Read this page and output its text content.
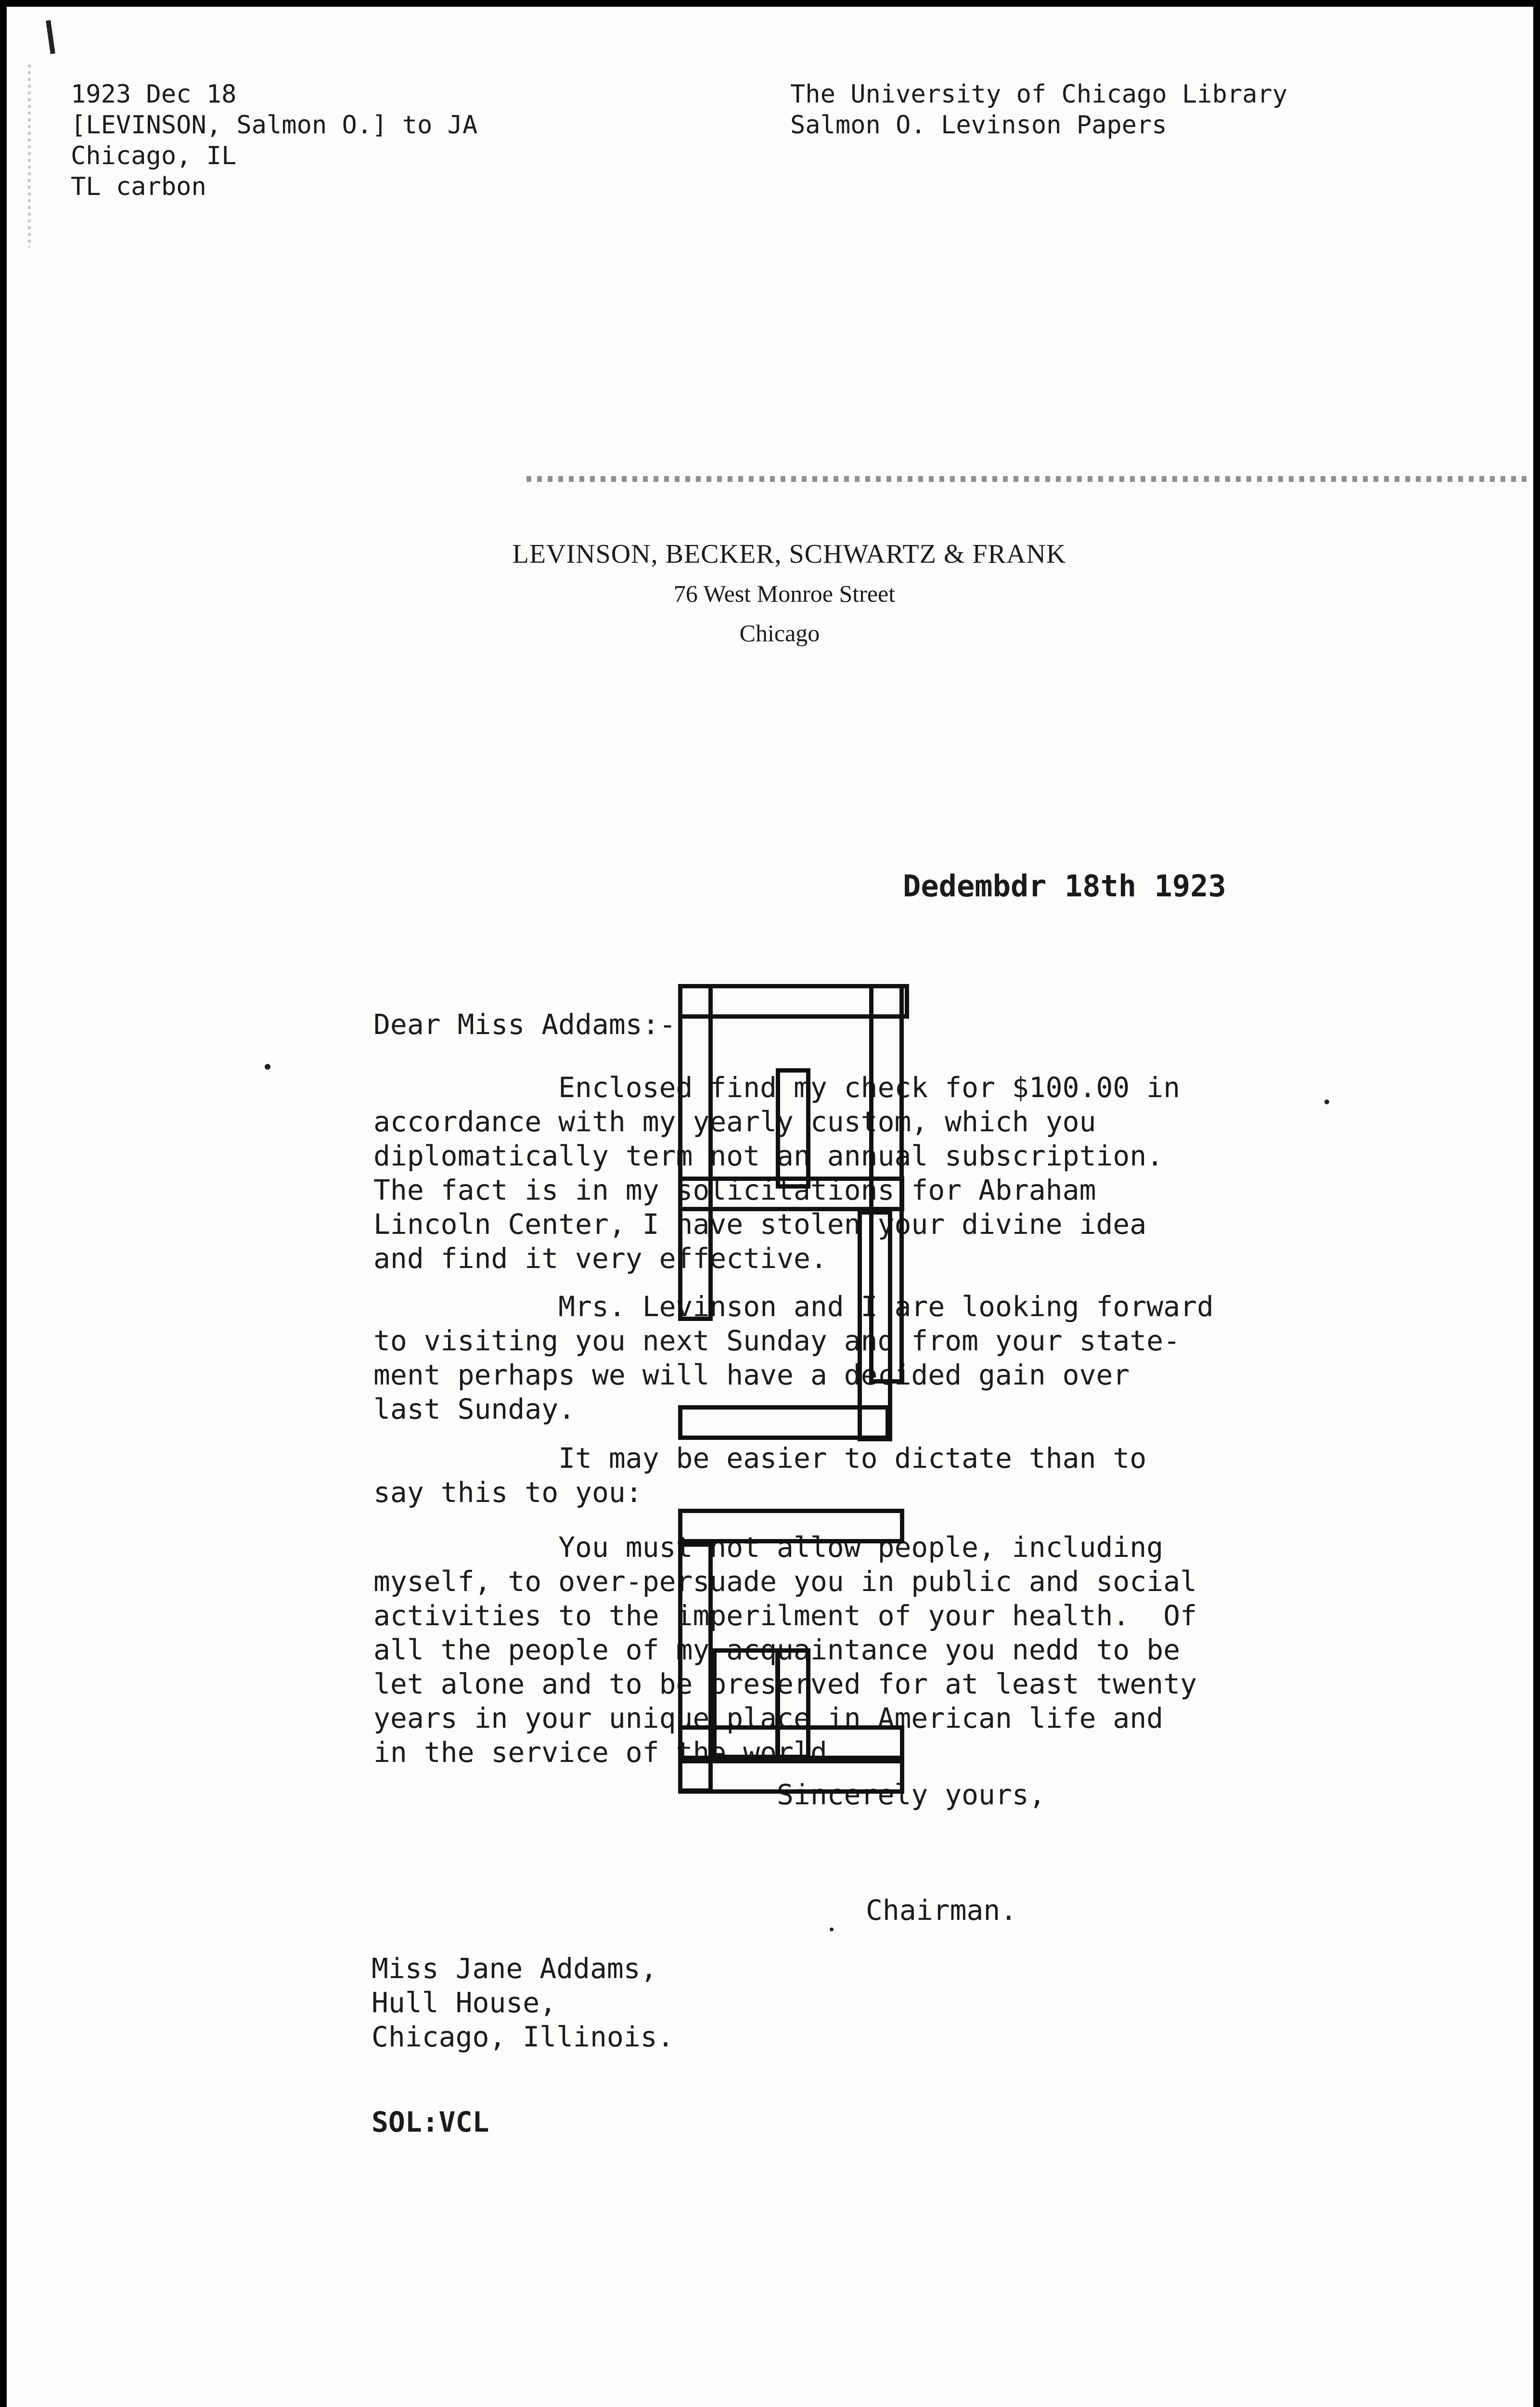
1923 Dec 18
[LEVINSON, Salmon O.] to JA
Chicago, IL
TL carbon
The University of Chicago Library
Salmon O. Levinson Papers

LEVINSON, BECKER, SCHWARTZ & FRANK

76 West Monroe Street

Chicago

Dedembdr 18th 1923
Dear Miss Addams:-
Enclosed find my check for $100.00 in
accordance with my yearly custom, which you
diplomatically term not an annual subscription.
The fact is in my solicitations for Abraham
Lincoln Center, I have stolen your divine idea
and find it very effective.
Mrs. Levinson and I are looking forward
to visiting you next Sunday and from your state-
ment perhaps we will have a decided gain over
last Sunday.
It may be easier to dictate than to
say this to you:
You must not allow people, including
myself, to over-persuade you in public and social
activities to the imperilment of your health.  Of
all the people of my acquaintance you nedd to be
let alone and to be preserved for at least twenty
years in your unique place in American life and
in the service of the world.
Sincerely yours,
Chairman.
Miss Jane Addams,
Hull House,
Chicago, Illinois.
SOL:VCL
